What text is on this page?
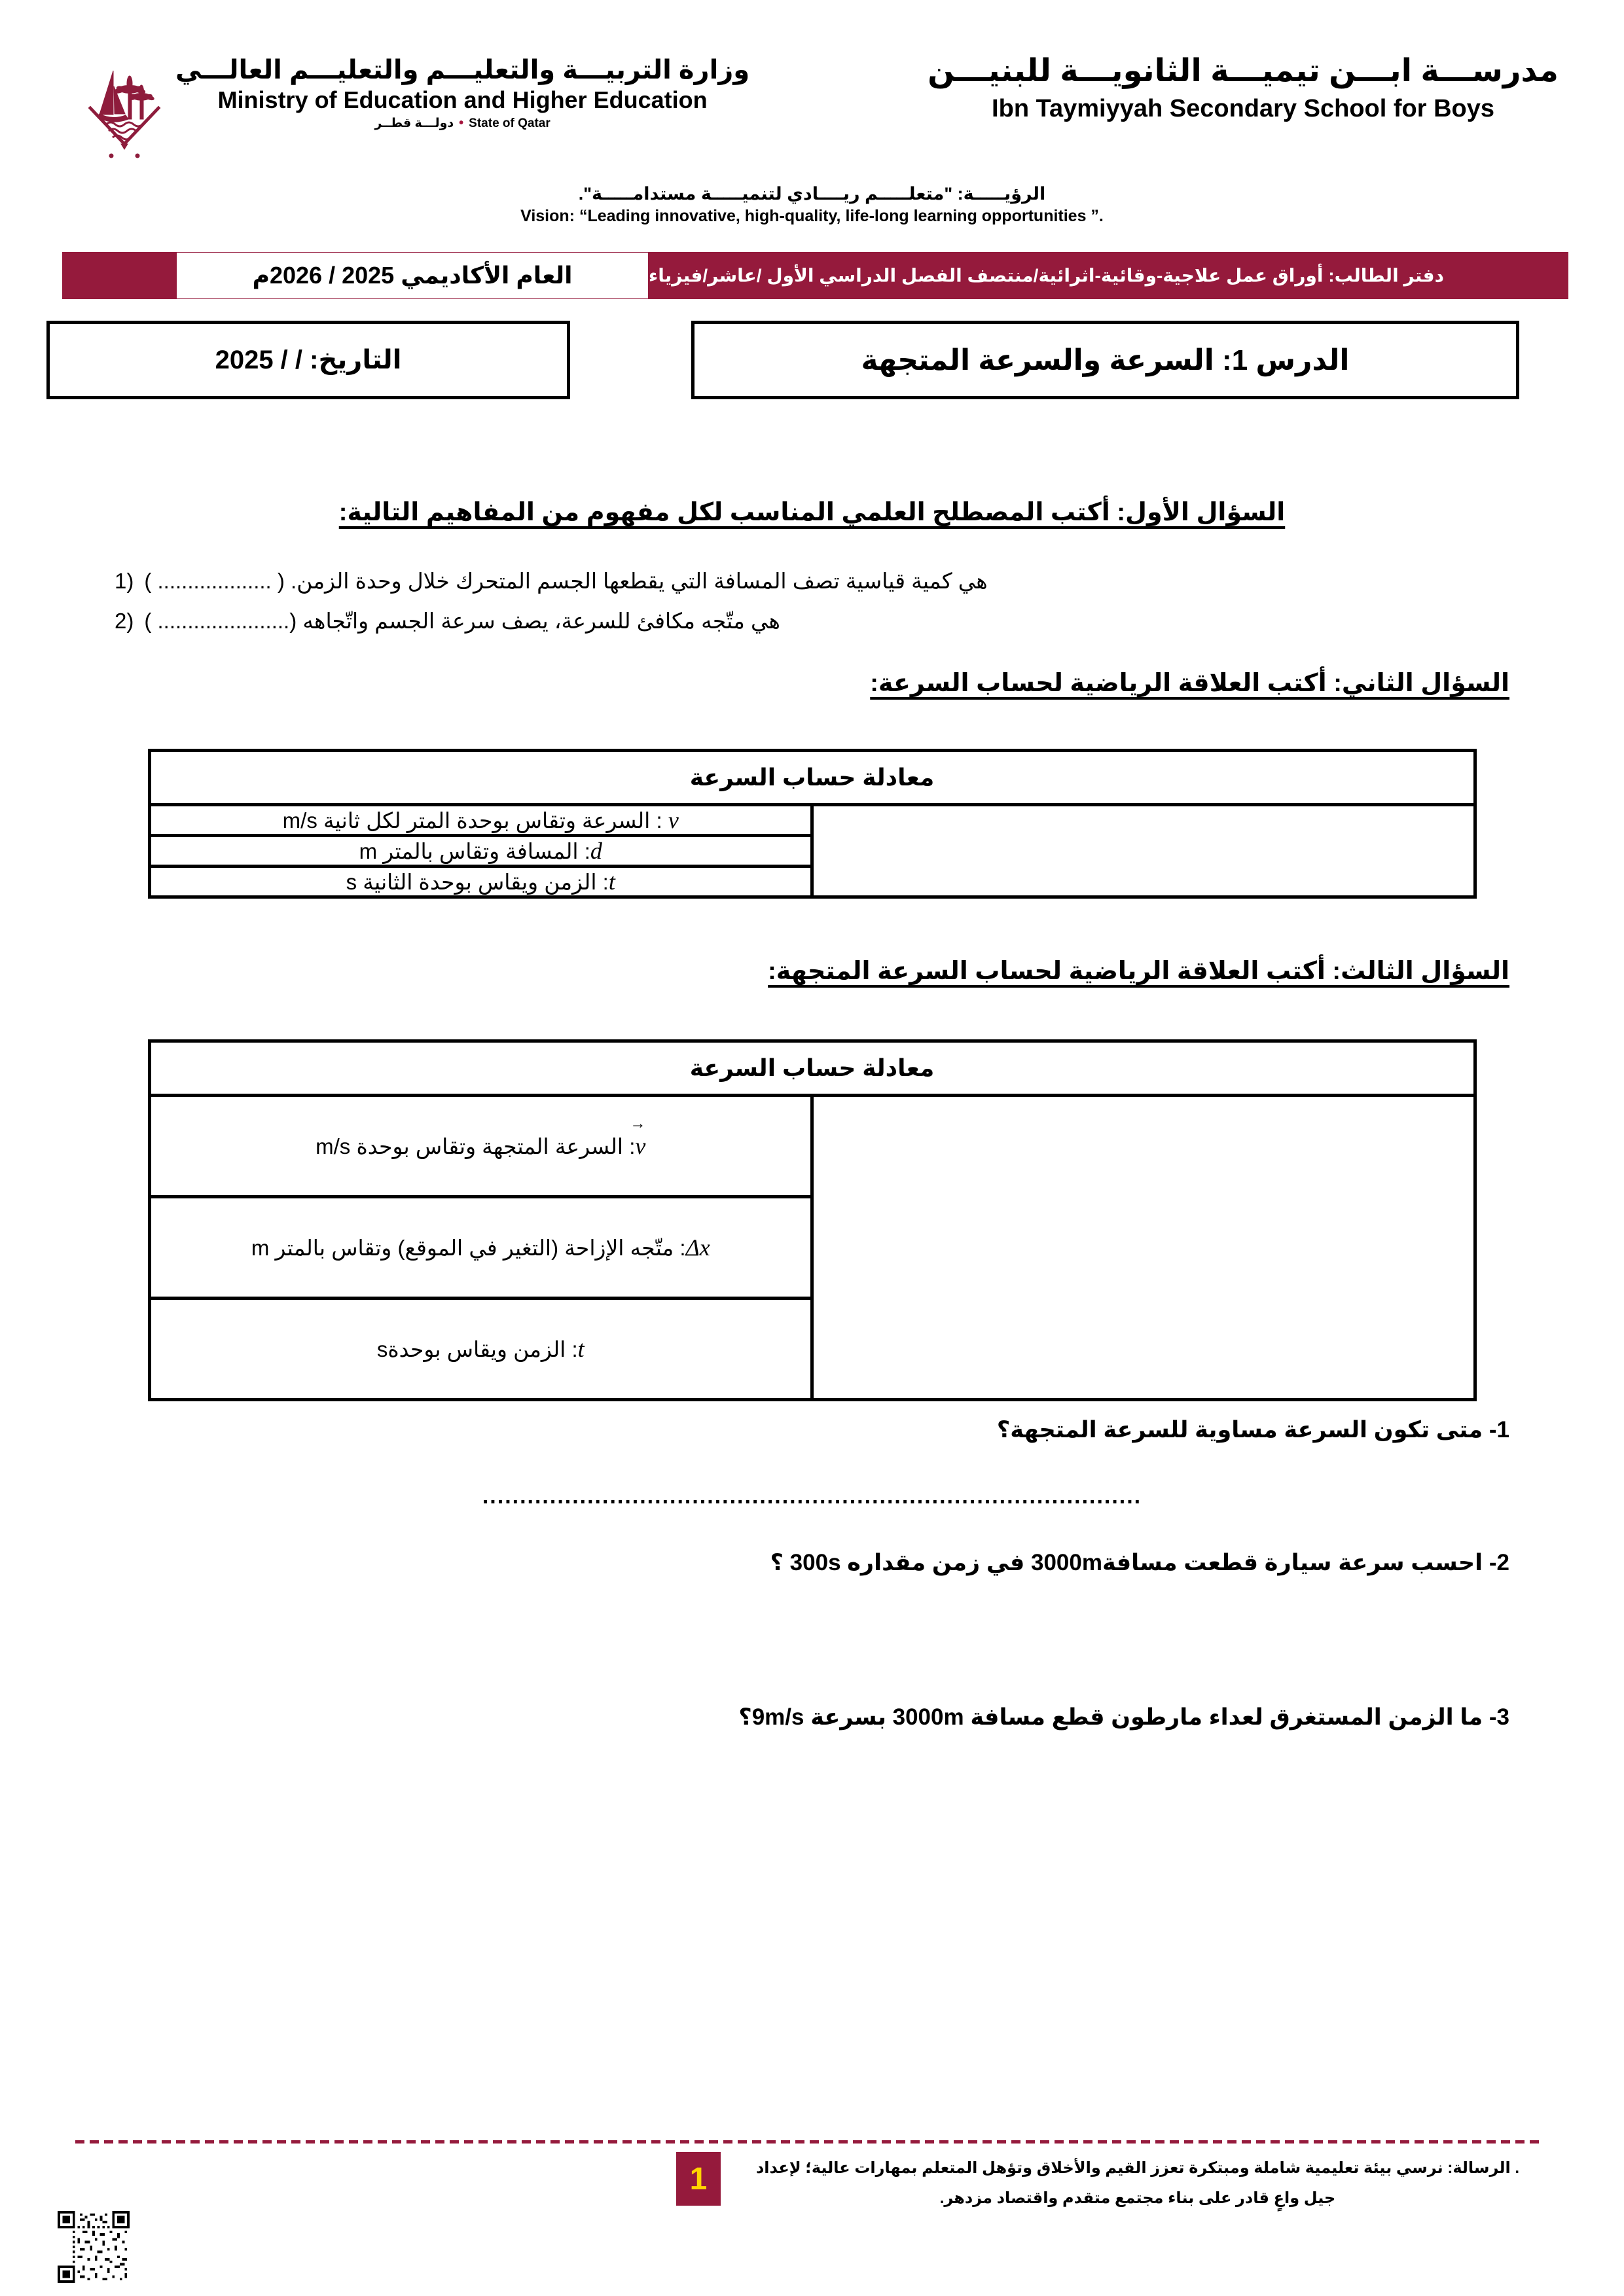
مدرســـة ابـــن تيميـــة الثانويـــة للبنيـــن
Ibn Taymiyyah Secondary School for Boys
وزارة التربيـــة والتعليـــم والتعليـــم العالـــي
Ministry of Education and Higher Education
دولـــة قطــر • State of Qatar
الرؤيـــــة: "متعلـــــم ريــــادي لتنميـــــة مستدامـــــة".
Vision: “Leading innovative, high-quality, life-long learning opportunities ”.
دفتر الطالب: أوراق عمل علاجية-وقائية-اثرائية/منتصف الفصل الدراسي الأول /عاشر/فيزياء
العام الأكاديمي 2025 / 2026م
الدرس 1: السرعة والسرعة المتجهة
التاريخ: / / 2025
السؤال الأول: أكتب المصطلح العلمي المناسب لكل مفهوم من المفاهيم التالية:
هي كمية قياسية تصف المسافة التي يقطعها الجسم المتحرك خلال وحدة الزمن. ( ................... )
1)
هي متّجه مكافئ للسرعة، يصف سرعة الجسم واتّجاهه (...................... )
2)
السؤال الثاني: أكتب العلاقة الرياضية لحساب السرعة:
معادلة حساب السرعة
	v : السرعة وتقاس بوحدة المتر لكل ثانية m/s
d: المسافة وتقاس بالمتر m
t: الزمن ويقاس بوحدة الثانية s
السؤال الثالث: أكتب العلاقة الرياضية لحساب السرعة المتجهة:
معادلة حساب السرعة
	v →: السرعة المتجهة وتقاس بوحدة m/s
Δx: متّجه الإزاحة (التغير في الموقع) وتقاس بالمتر m
t: الزمن ويقاس بوحدةs
1- متى تكون السرعة مساوية للسرعة المتجهة؟
........................................................................................
2- احسب سرعة سيارة قطعت مسافة3000m في زمن مقداره 300s ؟
3- ما الزمن المستغرق لعداء مارطون قطع مسافة 3000m بسرعة 9m/s؟
. الرسالة: نرسي بيئة تعليمية شاملة ومبتكرة تعزز القيم والأخلاق وتؤهل المتعلم بمهارات عالية؛ لإعداد جيل واعٍ قادر على بناء مجتمع متقدم واقتصاد مزدهر.
1
